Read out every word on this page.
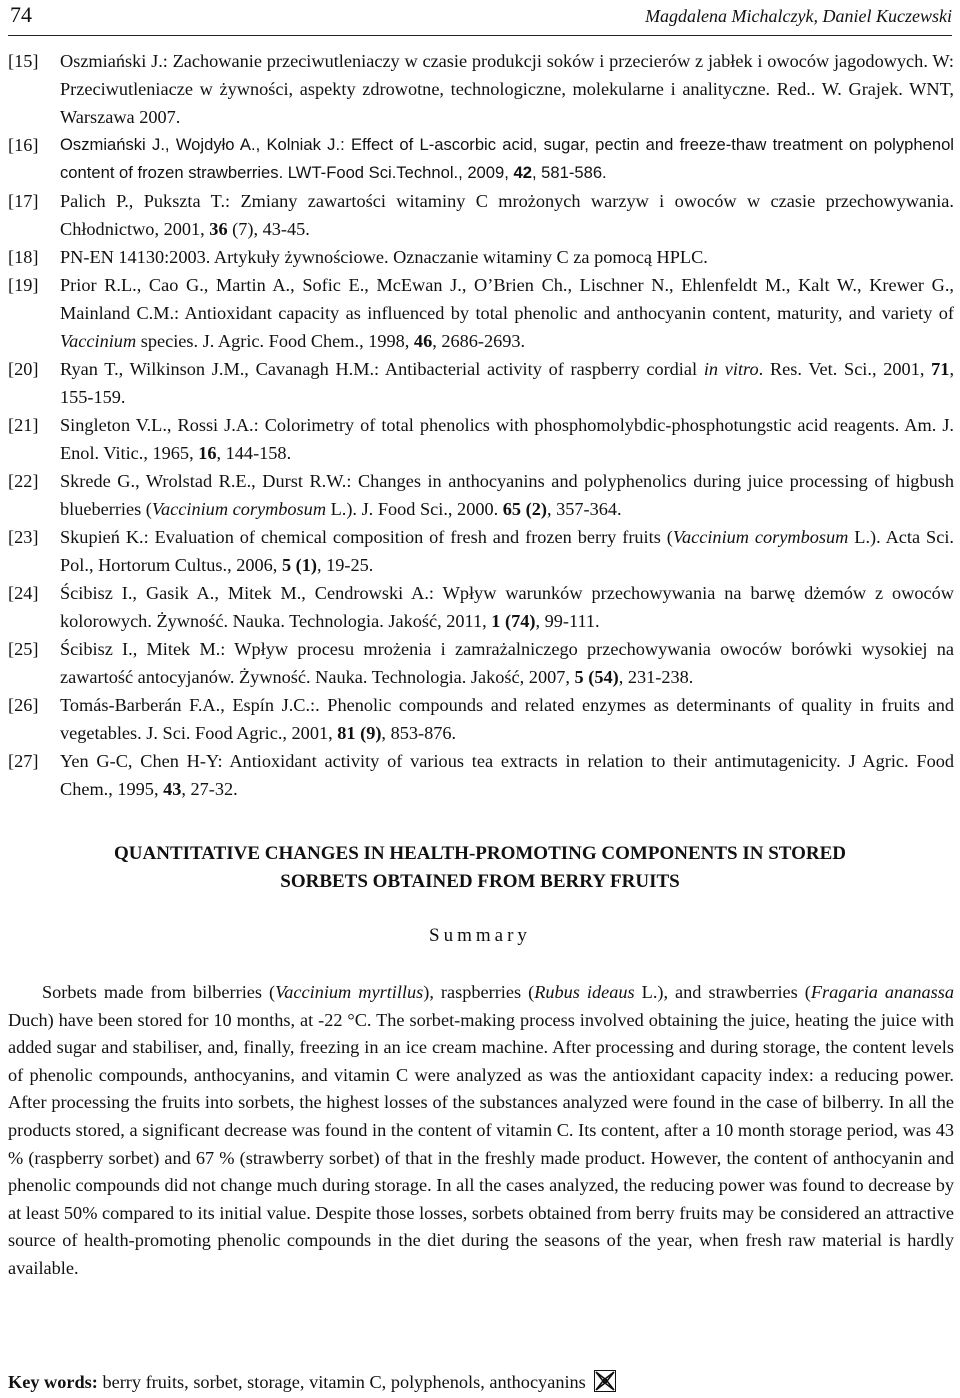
74	Magdalena Michalczyk, Daniel Kuczewski
[15]	Oszmiański J.: Zachowanie przeciwutleniaczy w czasie produkcji soków i przecierów z jabłek i owoców jagodowych. W: Przeciwutleniacze w żywności, aspekty zdrowotne, technologiczne, molekularne i analityczne. Red.. W. Grajek. WNT, Warszawa 2007.
[16]	Oszmiański J., Wojdyło A., Kolniak J.: Effect of L-ascorbic acid, sugar, pectin and freeze-thaw treatment on polyphenol content of frozen strawberries. LWT-Food Sci.Technol., 2009, 42, 581-586.
[17]	Palich P., Pukszta T.: Zmiany zawartości witaminy C mrożonych warzyw i owoców w czasie przechowywania. Chłodnictwo, 2001, 36 (7), 43-45.
[18]	PN-EN 14130:2003. Artykuły żywnościowe. Oznaczanie witaminy C za pomocą HPLC.
[19]	Prior R.L., Cao G., Martin A., Sofic E., McEwan J., O’Brien Ch., Lischner N., Ehlenfeldt M., Kalt W., Krewer G., Mainland C.M.: Antioxidant capacity as influenced by total phenolic and anthocyanin content, maturity, and variety of Vaccinium species. J. Agric. Food Chem., 1998, 46, 2686-2693.
[20]	Ryan T., Wilkinson J.M., Cavanagh H.M.: Antibacterial activity of raspberry cordial in vitro. Res. Vet. Sci., 2001, 71, 155-159.
[21]	Singleton V.L., Rossi J.A.: Colorimetry of total phenolics with phosphomolybdic-phosphotungstic acid reagents. Am. J. Enol. Vitic., 1965, 16, 144-158.
[22]	Skrede G., Wrolstad R.E., Durst R.W.: Changes in anthocyanins and polyphenolics during juice processing of higbush blueberries (Vaccinium corymbosum L.). J. Food Sci., 2000. 65 (2), 357-364.
[23]	Skupień K.: Evaluation of chemical composition of fresh and frozen berry fruits (Vaccinium corymbosum L.). Acta Sci. Pol., Hortorum Cultus., 2006, 5 (1), 19-25.
[24]	Ścibisz I., Gasik A., Mitek M., Cendrowski A.: Wpływ warunków przechowywania na barwę dżemów z owoców kolorowych. Żywność. Nauka. Technologia. Jakość, 2011, 1 (74), 99-111.
[25]	Ścibisz I., Mitek M.: Wpływ procesu mrożenia i zamrażalniczego przechowywania owoców borówki wysokiej na zawartość antocyjanów. Żywność. Nauka. Technologia. Jakość, 2007, 5 (54), 231-238.
[26]	Tomás-Barberán F.A., Espín J.C.:. Phenolic compounds and related enzymes as determinants of quality in fruits and vegetables. J. Sci. Food Agric., 2001, 81 (9), 853-876.
[27]	Yen G-C, Chen H-Y: Antioxidant activity of various tea extracts in relation to their antimutagenicity. J Agric. Food Chem., 1995, 43, 27-32.
QUANTITATIVE CHANGES IN HEALTH-PROMOTING COMPONENTS IN STORED
SORBETS OBTAINED FROM BERRY FRUITS
Summary
Sorbets made from bilberries (Vaccinium myrtillus), raspberries (Rubus ideaus L.), and strawberries (Fragaria ananassa Duch) have been stored for 10 months, at -22 °C. The sorbet-making process involved obtaining the juice, heating the juice with added sugar and stabiliser, and, finally, freezing in an ice cream machine. After processing and during storage, the content levels of phenolic compounds, anthocyanins, and vitamin C were analyzed as was the antioxidant capacity index: a reducing power. After processing the fruits into sorbets, the highest losses of the substances analyzed were found in the case of bilberry. In all the products stored, a significant decrease was found in the content of vitamin C. Its content, after a 10 month storage period, was 43 % (raspberry sorbet) and 67 % (strawberry sorbet) of that in the freshly made product. However, the content of anthocyanin and phenolic compounds did not change much during storage. In all the cases analyzed, the reducing power was found to decrease by at least 50% compared to its initial value. Despite those losses, sorbets obtained from berry fruits may be considered an attractive source of health-promoting phenolic compounds in the diet during the seasons of the year, when fresh raw material is hardly available.
Key words: berry fruits, sorbet, storage, vitamin C, polyphenols, anthocyanins
